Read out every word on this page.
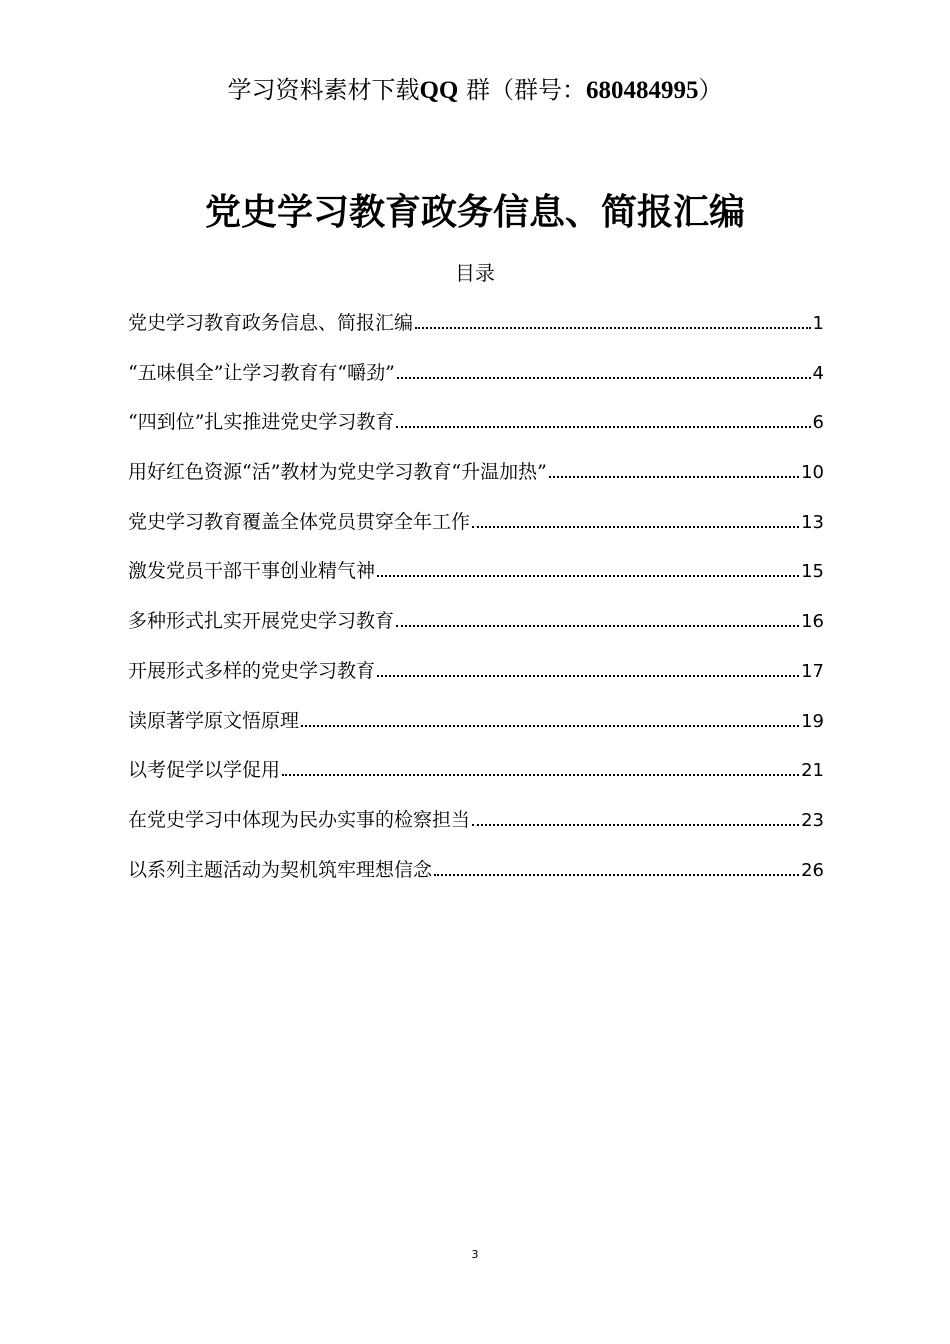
学习资料素材下载QQ 群（群号：680484995）
党史学习教育政务信息、简报汇编
目录
党史学习教育政务信息、简报汇编	1
“五味俱全”让学习教育有“嚼劲”	4
“四到位”扎实推进党史学习教育	6
用好红色资源“活”教材为党史学习教育“升温加热”	10
党史学习教育覆盖全体党员贯穿全年工作	13
激发党员干部干事创业精气神	15
多种形式扎实开展党史学习教育	16
开展形式多样的党史学习教育	17
读原著学原文悟原理	19
以考促学以学促用	21
在党史学习中体现为民办实事的检察担当	23
以系列主题活动为契机筑牢理想信念	26
3
